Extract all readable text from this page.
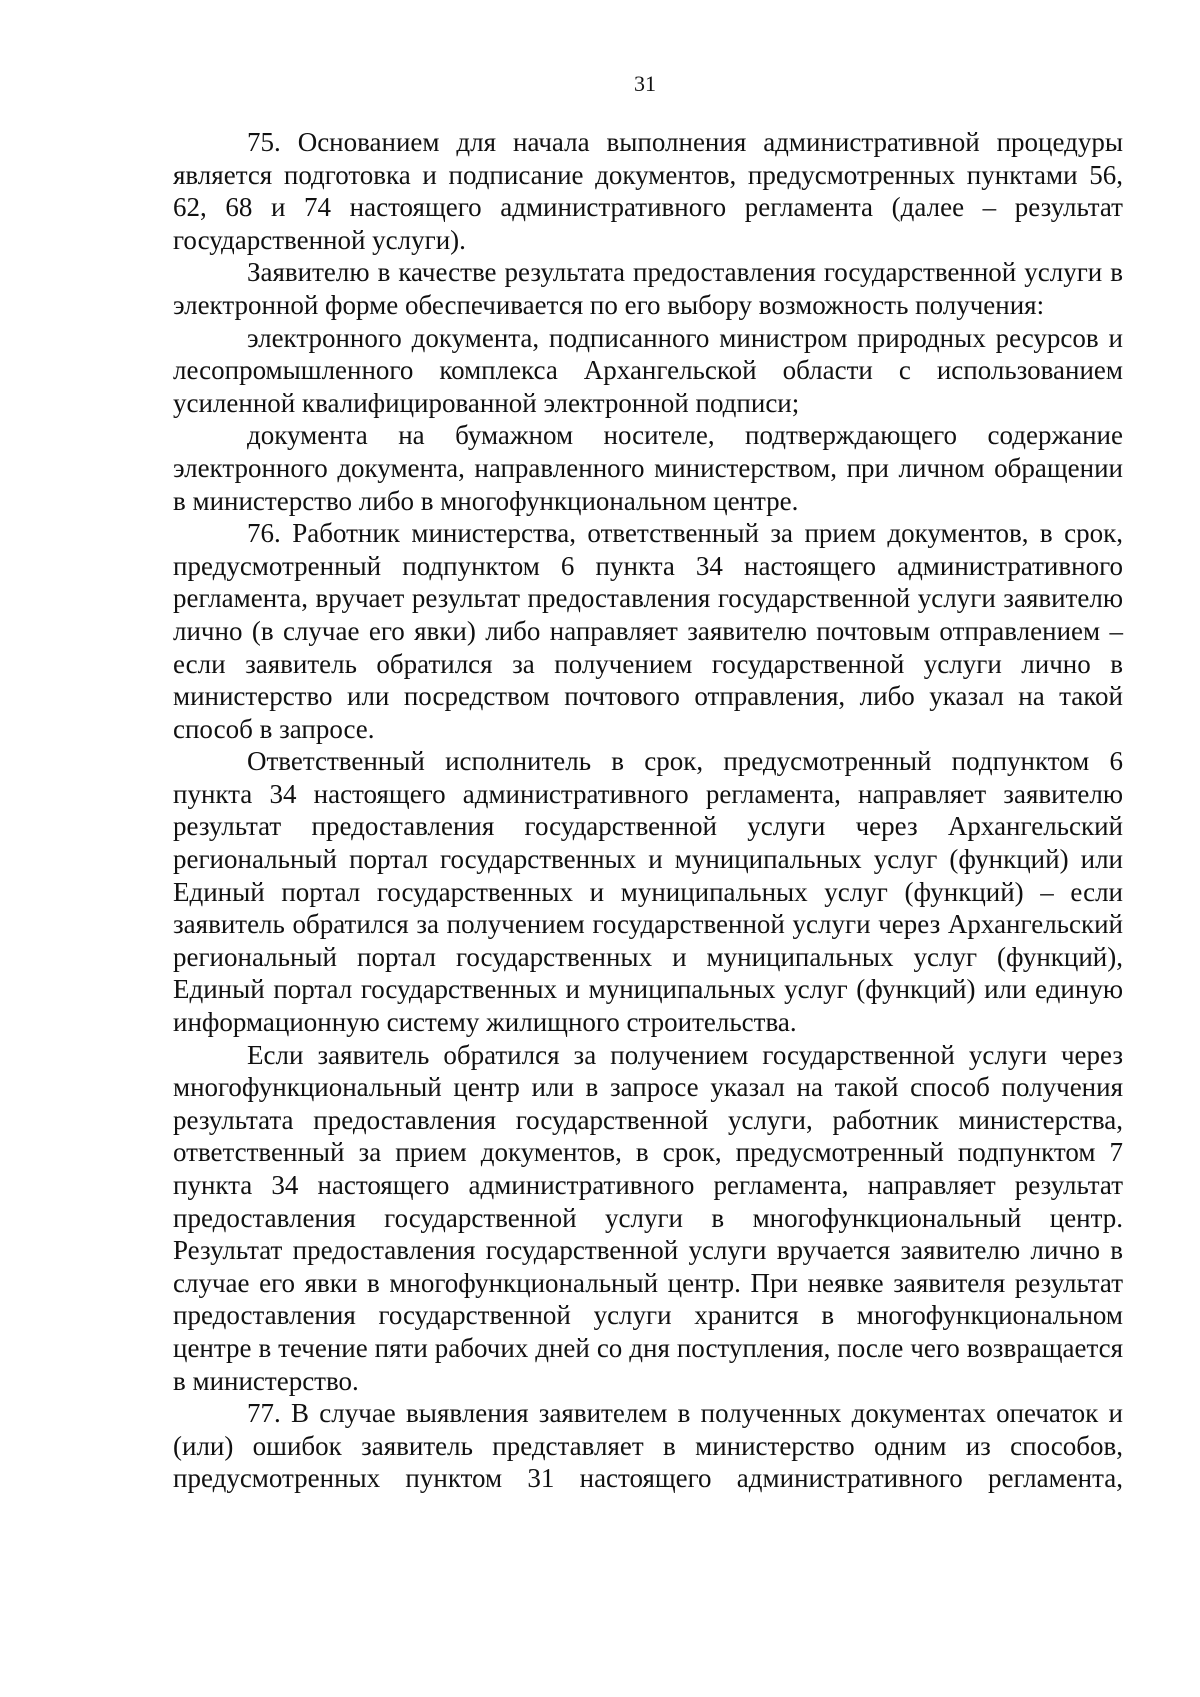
31

75. Основанием для начала выполнения административной процедуры является подготовка и подписание документов, предусмотренных пунктами 56, 62, 68 и 74 настоящего административного регламента (далее – результат государственной услуги).

Заявителю в качестве результата предоставления государственной услуги в электронной форме обеспечивается по его выбору возможность получения:

электронного документа, подписанного министром природных ресурсов и лесопромышленного комплекса Архангельской области с использованием усиленной квалифицированной электронной подписи;

документа на бумажном носителе, подтверждающего содержание электронного документа, направленного министерством, при личном обращении в министерство либо в многофункциональном центре.

76. Работник министерства, ответственный за прием документов, в срок, предусмотренный подпунктом 6 пункта 34 настоящего административного регламента, вручает результат предоставления государственной услуги заявителю лично (в случае его явки) либо направляет заявителю почтовым отправлением – если заявитель обратился за получением государственной услуги лично в министерство или посредством почтового отправления, либо указал на такой способ в запросе.

Ответственный исполнитель в срок, предусмотренный подпунктом 6 пункта 34 настоящего административного регламента, направляет заявителю результат предоставления государственной услуги через Архангельский региональный портал государственных и муниципальных услуг (функций) или Единый портал государственных и муниципальных услуг (функций) – если заявитель обратился за получением государственной услуги через Архангельский региональный портал государственных и муниципальных услуг (функций), Единый портал государственных и муниципальных услуг (функций) или единую информационную систему жилищного строительства.

Если заявитель обратился за получением государственной услуги через многофункциональный центр или в запросе указал на такой способ получения результата предоставления государственной услуги, работник министерства, ответственный за прием документов, в срок, предусмотренный подпунктом 7 пункта 34 настоящего административного регламента, направляет результат предоставления государственной услуги в многофункциональный центр. Результат предоставления государственной услуги вручается заявителю лично в случае его явки в многофункциональный центр. При неявке заявителя результат предоставления государственной услуги хранится в многофункциональном центре в течение пяти рабочих дней со дня поступления, после чего возвращается в министерство.

77. В случае выявления заявителем в полученных документах опечаток и (или) ошибок заявитель представляет в министерство одним из способов, предусмотренных пунктом 31 настоящего административного регламента,
